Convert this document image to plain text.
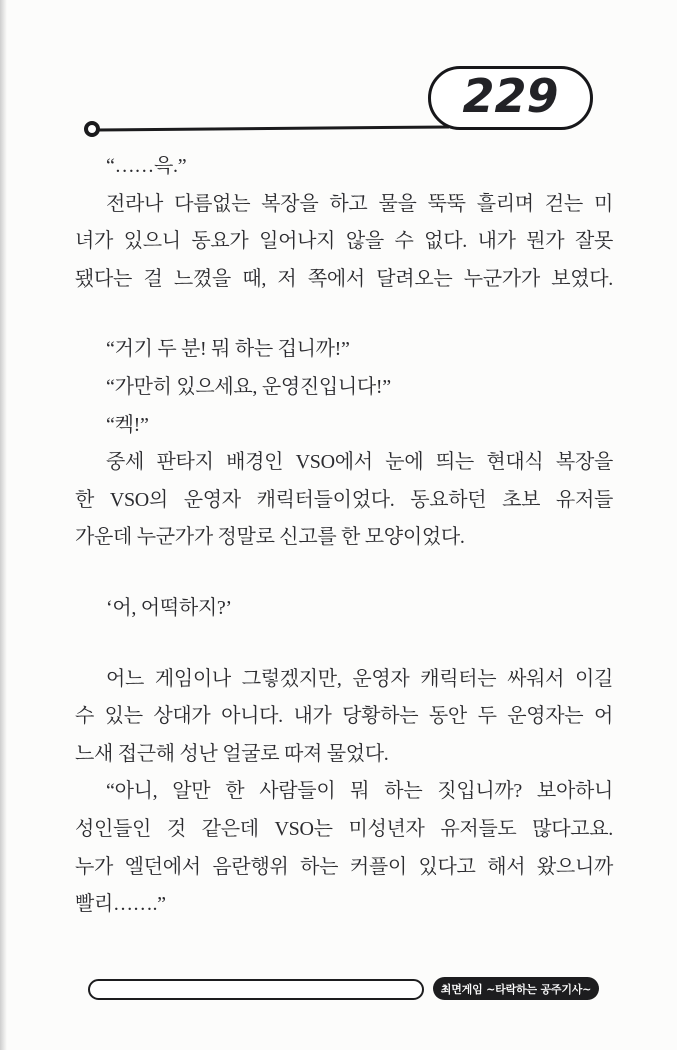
229
“……윽.”
전라나 다름없는 복장을 하고 물을 뚝뚝 흘리며 걷는 미
녀가 있으니 동요가 일어나지 않을 수 없다. 내가 뭔가 잘못
됐다는 걸 느꼈을 때, 저 쪽에서 달려오는 누군가가 보였다.
“거기 두 분! 뭐 하는 겁니까!”
“가만히 있으세요, 운영진입니다!”
“켁!”
중세 판타지 배경인 VSO에서 눈에 띄는 현대식 복장을
한 VSO의 운영자 캐릭터들이었다. 동요하던 초보 유저들
가운데 누군가가 정말로 신고를 한 모양이었다.
‘어, 어떡하지?’
어느 게임이나 그렇겠지만, 운영자 캐릭터는 싸워서 이길
수 있는 상대가 아니다. 내가 당황하는 동안 두 운영자는 어
느새 접근해 성난 얼굴로 따져 물었다.
“아니, 알만 한 사람들이 뭐 하는 짓입니까? 보아하니
성인들인 것 같은데 VSO는 미성년자 유저들도 많다고요.
누가 엘던에서 음란행위 하는 커플이 있다고 해서 왔으니까
빨리…….”
최면게임 ~타락하는 공주기사~
